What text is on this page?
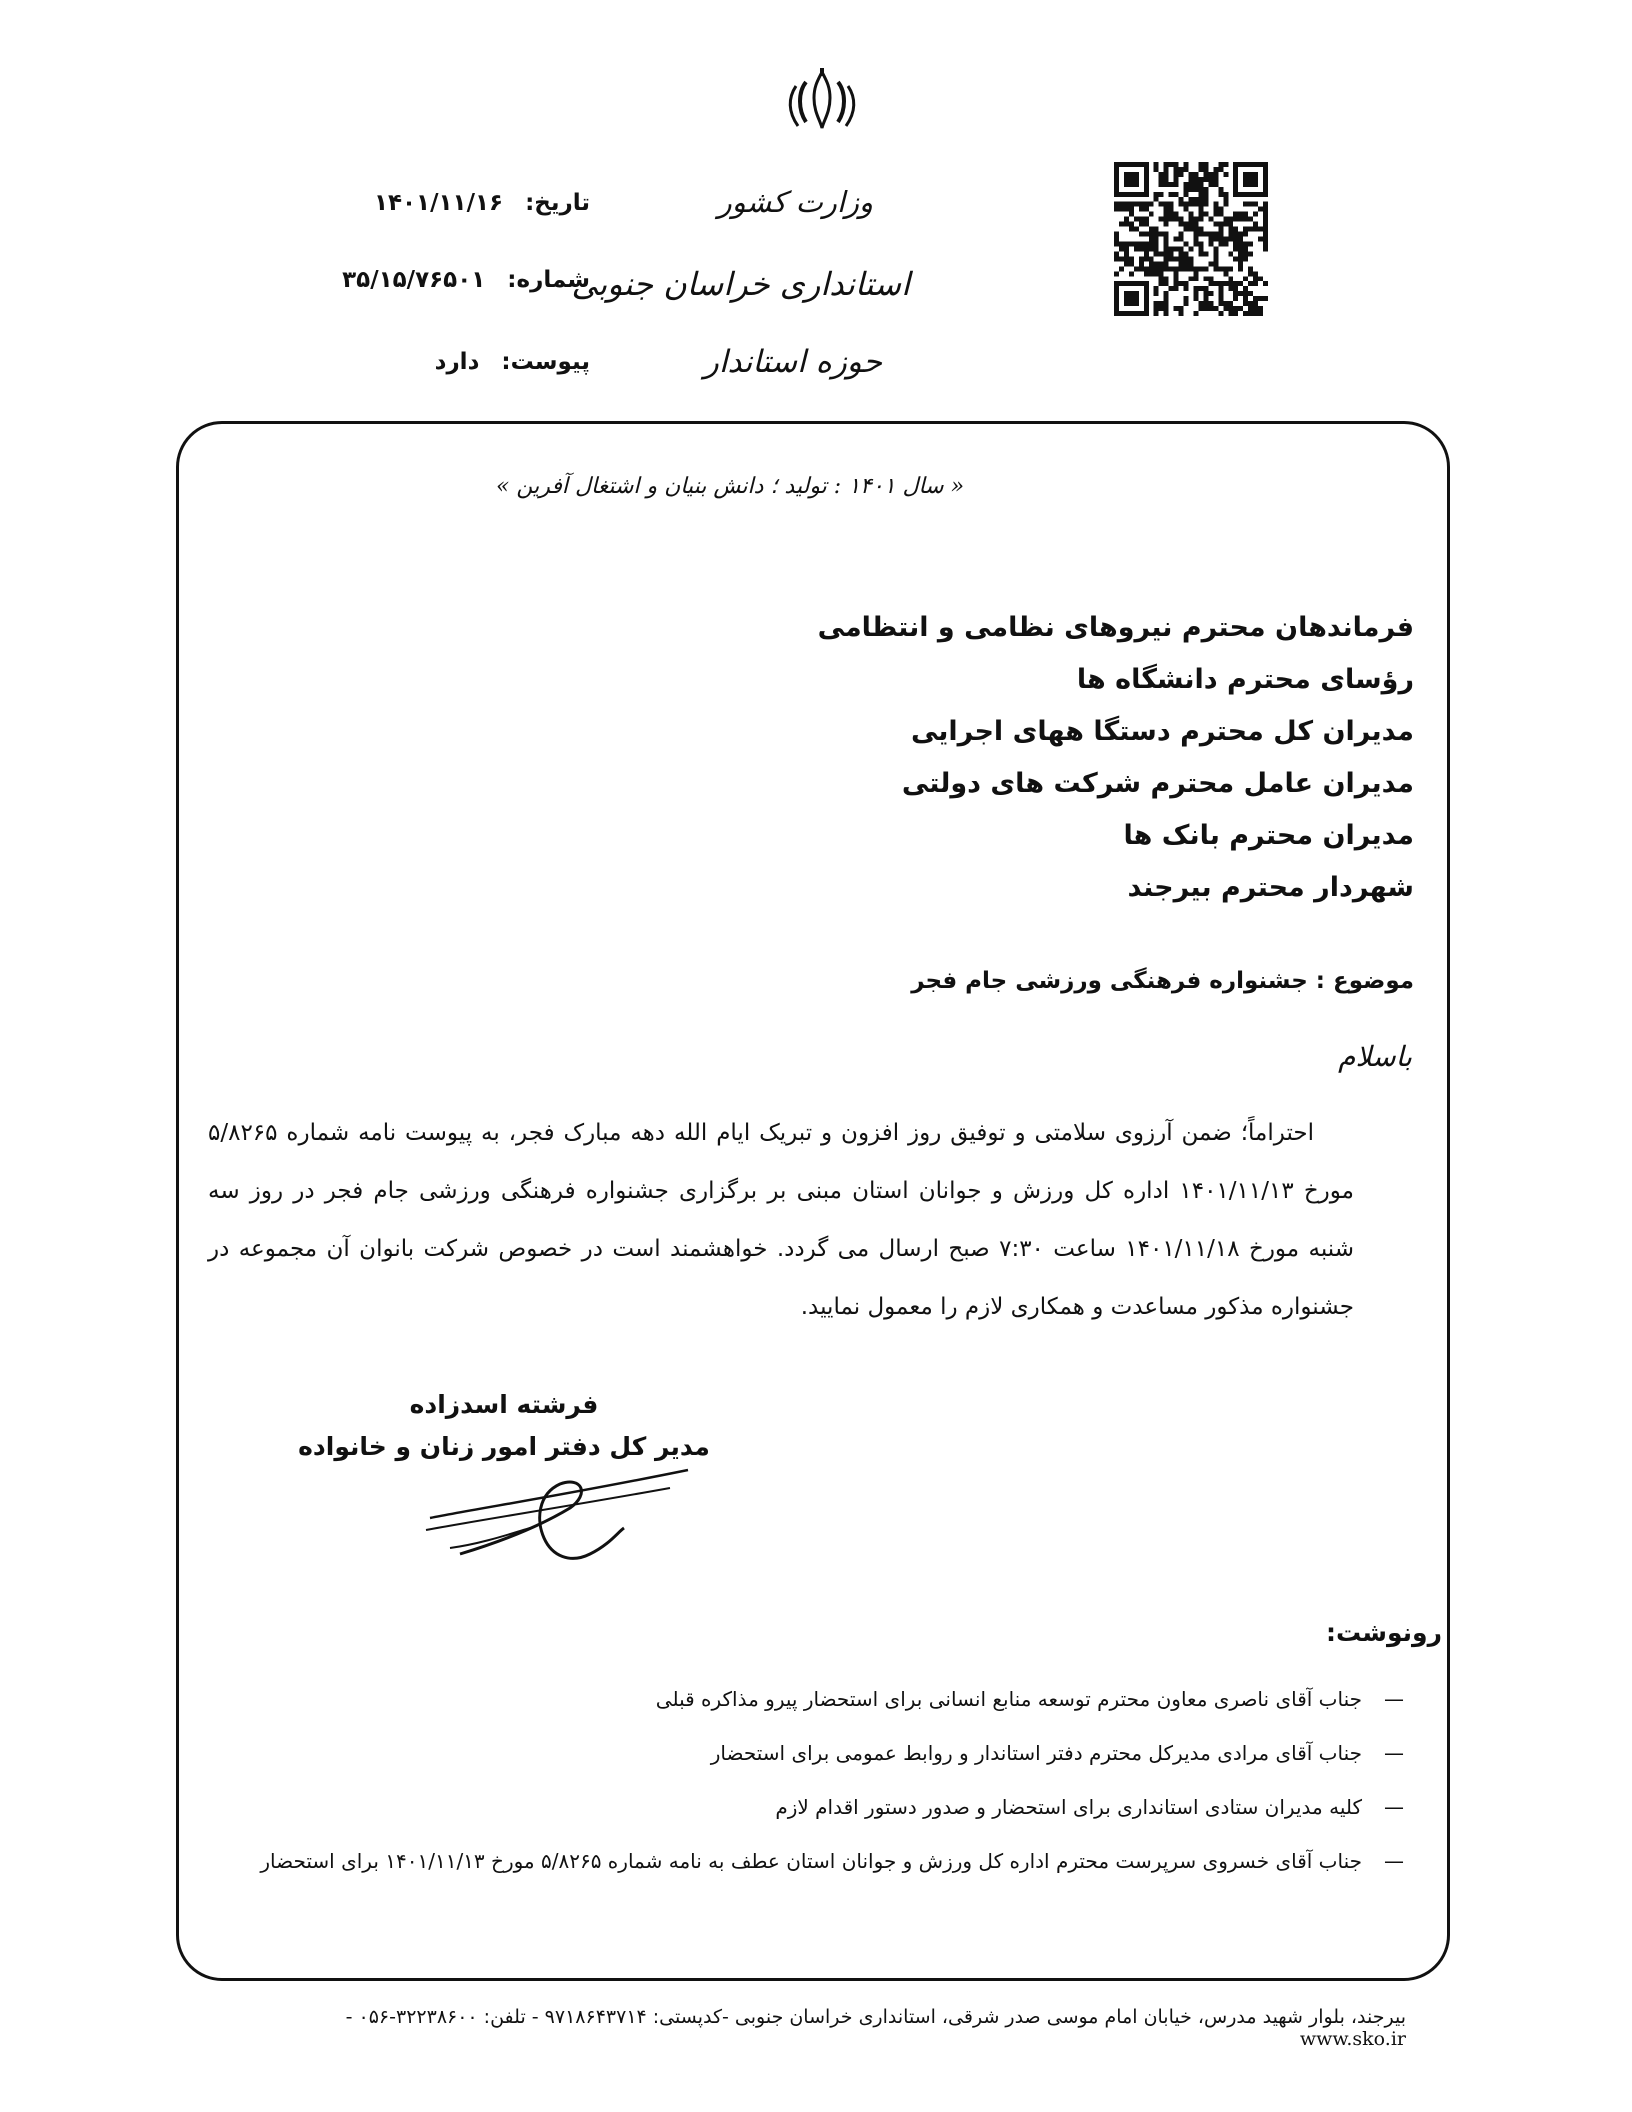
وزارت کشور
استانداری خراسان جنوبی
حوزه استاندار
تاریخ: ۱۴۰۱/۱۱/۱۶
شماره: ۳۵/۱۵/۷۶۵۰۱
پیوست: دارد
« سال ۱۴۰۱ : تولید ؛ دانش بنیان و اشتغال آفرین »
فرماندهان محترم نیروهای نظامی و انتظامی
رؤسای محترم دانشگاه ها
مدیران کل محترم دستگا ههای اجرایی
مدیران عامل محترم شرکت های دولتی
مدیران محترم بانک ها
شهردار محترم بیرجند
موضوع : جشنواره فرهنگی ورزشی جام فجر
باسلام
احتراماً؛ ضمن آرزوی سلامتی و توفیق روز افزون و تبریک ایام الله دهه مبارک فجر، به پیوست نامه شماره ۵/۸۲۶۵ مورخ ۱۴۰۱/۱۱/۱۳ اداره کل ورزش و جوانان استان مبنی بر برگزاری جشنواره فرهنگی ورزشی جام فجر در روز سه شنبه مورخ ۱۴۰۱/۱۱/۱۸ ساعت ۷:۳۰ صبح ارسال می گردد. خواهشمند است در خصوص شرکت بانوان آن مجموعه در جشنواره مذکور مساعدت و همکاری لازم را معمول نمایید.
فرشته اسدزاده
مدیر کل دفتر امور زنان و خانواده
رونوشت:
—جناب آقای ناصری معاون محترم توسعه منابع انسانی برای استحضار پیرو مذاکره قبلی
—جناب آقای مرادی مدیرکل محترم دفتر استاندار و روابط عمومی برای استحضار
—کلیه مدیران ستادی استانداری برای استحضار و صدور دستور اقدام لازم
—جناب آقای خسروی سرپرست محترم اداره کل ورزش و جوانان استان عطف به نامه شماره ۵/۸۲۶۵ مورخ ۱۴۰۱/۱۱/۱۳ برای استحضار
بیرجند، بلوار شهید مدرس، خیابان امام موسی صدر شرقی، استانداری خراسان جنوبی -کدپستی: ۹۷۱۸۶۴۳۷۱۴ - تلفن: ۳۲۲۳۸۶۰۰-۰۵۶ - www.sko.ir
